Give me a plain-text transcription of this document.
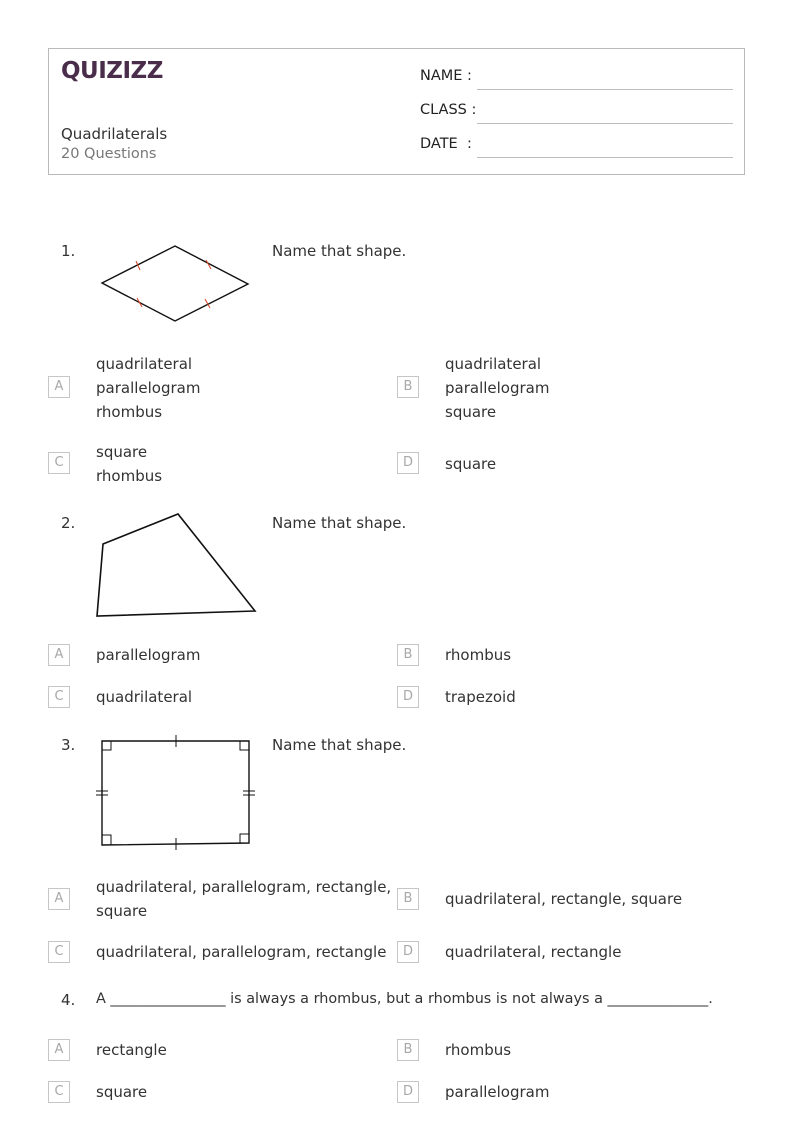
QUIZIZZ
Quadrilaterals
20 Questions
NAME :
CLASS :
DATE  :
1.	Name that shape.
A
quadrilateral
parallelogram
rhombus
B
quadrilateral
parallelogram
square
C
square
rhombus
D	square
2.	Name that shape.
A	parallelogram	B	rhombus
C	quadrilateral	D	trapezoid
3.	Name that shape.
A
quadrilateral, parallelogram, rectangle,
square
B	quadrilateral, rectangle, square
C	quadrilateral, parallelogram, rectangle	D	quadrilateral, rectangle
4. A ________________ is always a rhombus, but a rhombus is not always a ______________.
A	rectangle	B	rhombus
C	square	D	parallelogram
